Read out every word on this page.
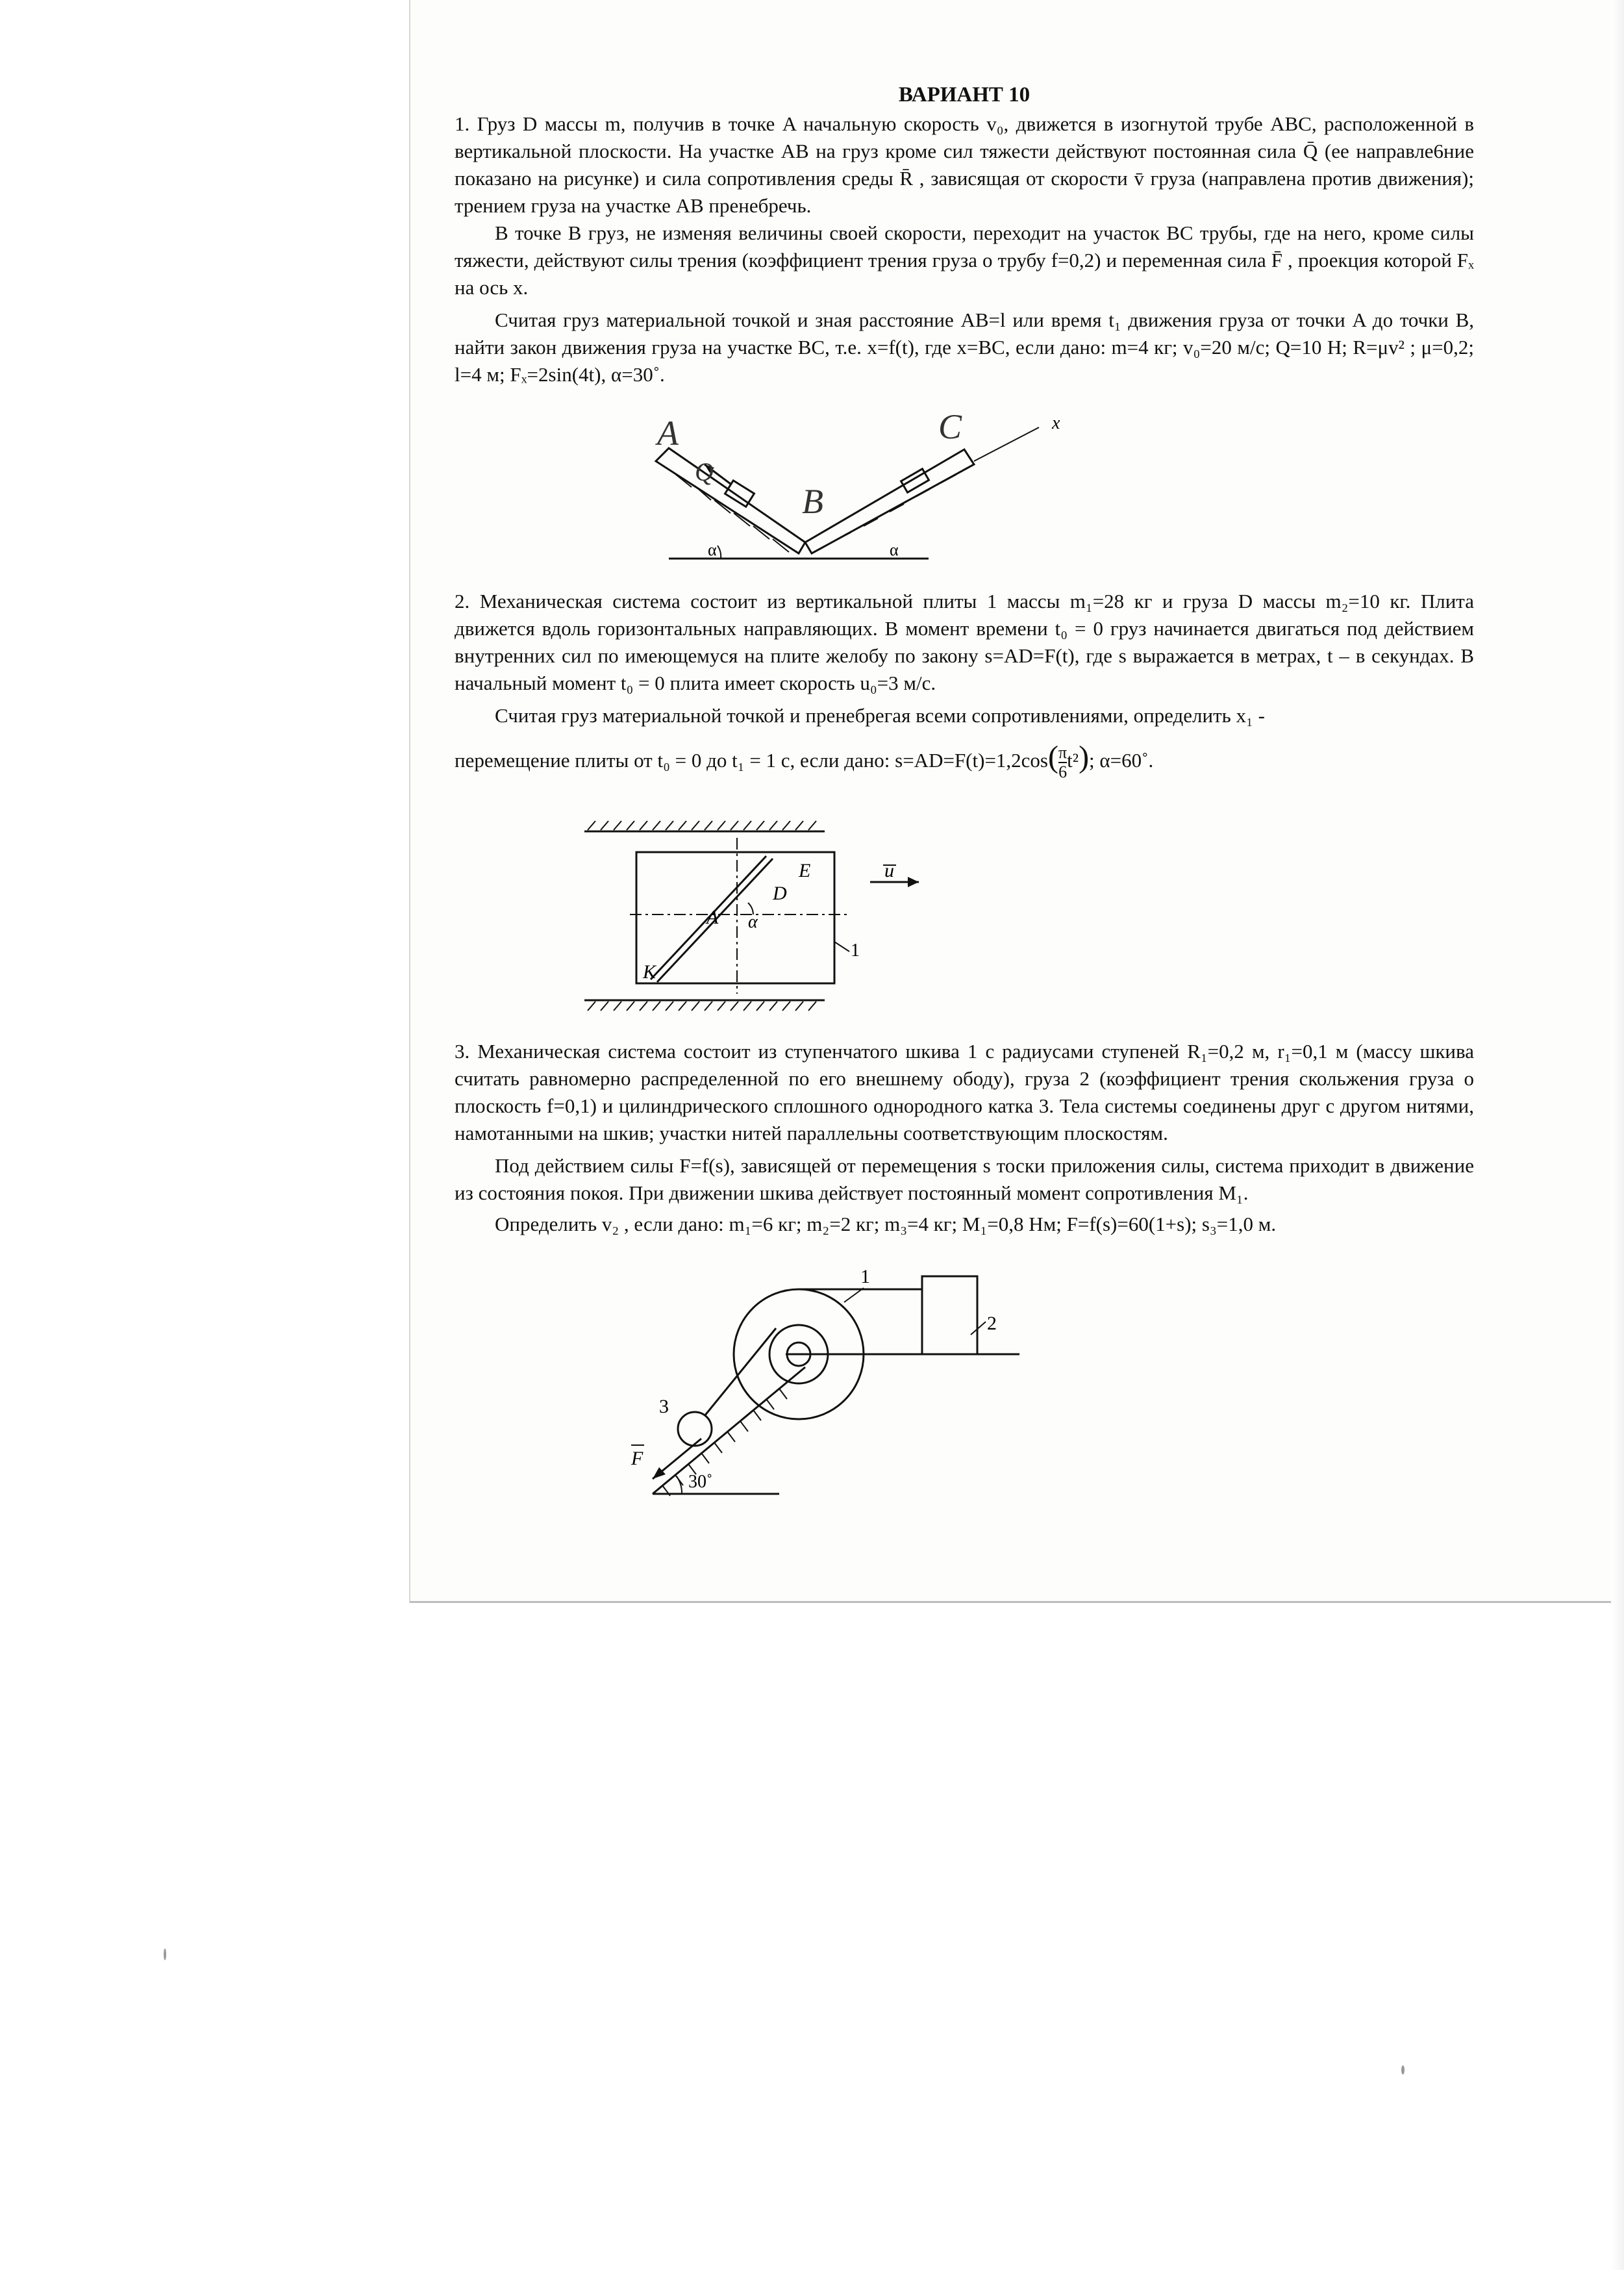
ВАРИАНТ 10

1. Груз D массы m, получив в точке A начальную скорость v₀, движется в изогнутой трубе ABC, расположенной в вертикальной плоскости. На участке AB на груз кроме сил тяжести действуют постоянная сила Q̄ (ее направле6ние показано на рисунке) и сила сопротивления среды R̄ , зависящая от скорости v̄ груза (направлена против движения); трением груза на участке AB пренебречь.

В точке B груз, не изменяя величины своей скорости, переходит на участок BC трубы, где на него, кроме силы тяжести, действуют силы трения (коэффициент трения груза о трубу f=0,2) и переменная сила F̄ , проекция которой Fₓ на ось x.

Считая груз материальной точкой и зная расстояние AB=l или время t₁ движения груза от точки A до точки B, найти закон движения груза на участке BC, т.е. x=f(t), где x=BC, если дано: m=4 кг; v₀=20 м/с; Q=10 Н; R=μv² ; μ=0,2; l=4 м; Fₓ=2sin(4t), α=30˚.

x
α	α
A
Q
B
C

2. Механическая система состоит из вертикальной плиты 1 массы m₁=28 кг и груза D массы m₂=10 кг. Плита движется вдоль горизонтальных направляющих. В момент времени t₀ = 0 груз начинается двигаться под действием внутренних сил по имеющемуся на плите желобу по закону s=AD=F(t), где s выражается в метрах, t – в секундах. В начальный момент t₀ = 0 плита имеет скорость u₀=3 м/с.

Считая груз материальной точкой и пренебрегая всеми сопротивлениями, определить x₁ -

перемещение плиты от t₀ = 0 до t₁ = 1 с, если дано: $s=AD=F(t)=1,2\cos( \frac{\pi}{6} t^2)$; α=60˚.

u
E
D
A α
K
1

3. Механическая система состоит из ступенчатого шкива 1 с радиусами ступеней R₁=0,2 м, r₁=0,1 м (массу шкива считать равномерно распределенной по его внешнему ободу), груза 2 (коэффициент трения скольжения груза о плоскость f=0,1) и цилиндрического сплошного однородного катка 3. Тела системы соединены друг с другом нитями, намотанными на шкив; участки нитей параллельны соответствующим плоскостям.

Под действием силы F=f(s), зависящей от перемещения s тоски приложения силы, система приходит в движение из состояния покоя. При движении шкива действует постоянный момент сопротивления M₁.

Определить v₂ , если дано: m₁=6 кг; m₂=2 кг; m₃=4 кг; M₁=0,8 Нм; F=f(s)=60(1+s); s₃=1,0 м.

2
1
3
F
30˚
